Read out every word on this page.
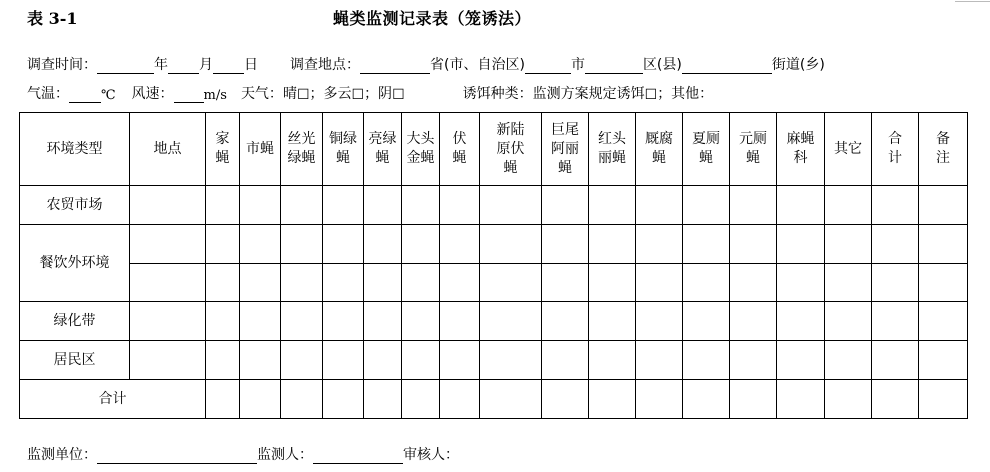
表 3-1	蝇类监测记录表（笼诱法）
调查时间：	年 月 日 调查地点：	省(市、自治区)	市	区(县)	街道(乡)
气温： ℃ 风速： m/s 天气： 晴 ☐ ；多云 ☐ ；阴 ☐	诱饵种类： 监测方案规定诱饵 ☐ ；其他：
环境类型	地点	家蝇	市蝇	丝光绿蝇	铜绿蝇	亮绿蝇	大头金蝇	伏蝇	新陆原伏蝇	巨尾阿丽蝇	红头丽蝇	厩腐蝇	夏厕蝇	元厕蝇	麻蝇科	其它	合计	备注
农贸市场																		
餐饮外环境																		

绿化带																		
居民区																		
合计																		
监测单位：	监测人：	审核人：
